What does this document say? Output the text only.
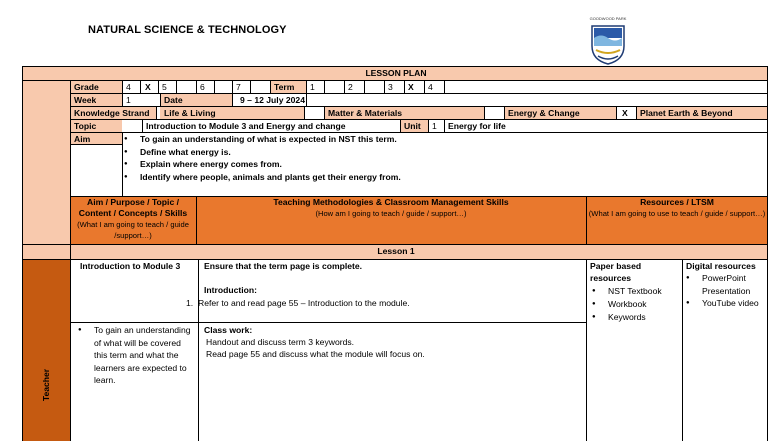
NATURAL SCIENCE & TECHNOLOGY
GOODWOOD PARK
LESSON PLAN
Grade	4 X 5	6	7	Term 1	2	3 X 4
Week	1	Date	9 – 12 July 2024
Knowledge Strand Life & Living	Matter & Materials	Energy & Change	X Planet Earth & Beyond
Topic	Introduction to Module 3 and Energy and change	Unit 1 Energy for life
Aim
●	To gain an understanding of what is expected in NST this term.
● Define what energy is.
● Explain where energy comes from.
● Identify where people, animals and plants get their energy from.
Aim / Purpose / Topic / Content / Concepts / Skills
(What I am going to teach / guide /support…)
Teaching Methodologies & Classroom Management Skills
(How am I going to teach / guide / support…)
Resources / LTSM
(What I am going to use to teach / guide / support…)
Lesson 1
Teacher
Introduction to Module 3
● To gain an understanding of what will be covered this term and what the learners are expected to learn.
Ensure that the term page is complete.
Introduction:
1. Refer to and read page 55 – Introduction to the module.
Class work:
Handout and discuss term 3 keywords.
Read page 55 and discuss what the module will focus on.
Paper based resources
● NST Textbook
● Workbook
● Keywords
Digital resources
● PowerPoint Presentation
● YouTube video
